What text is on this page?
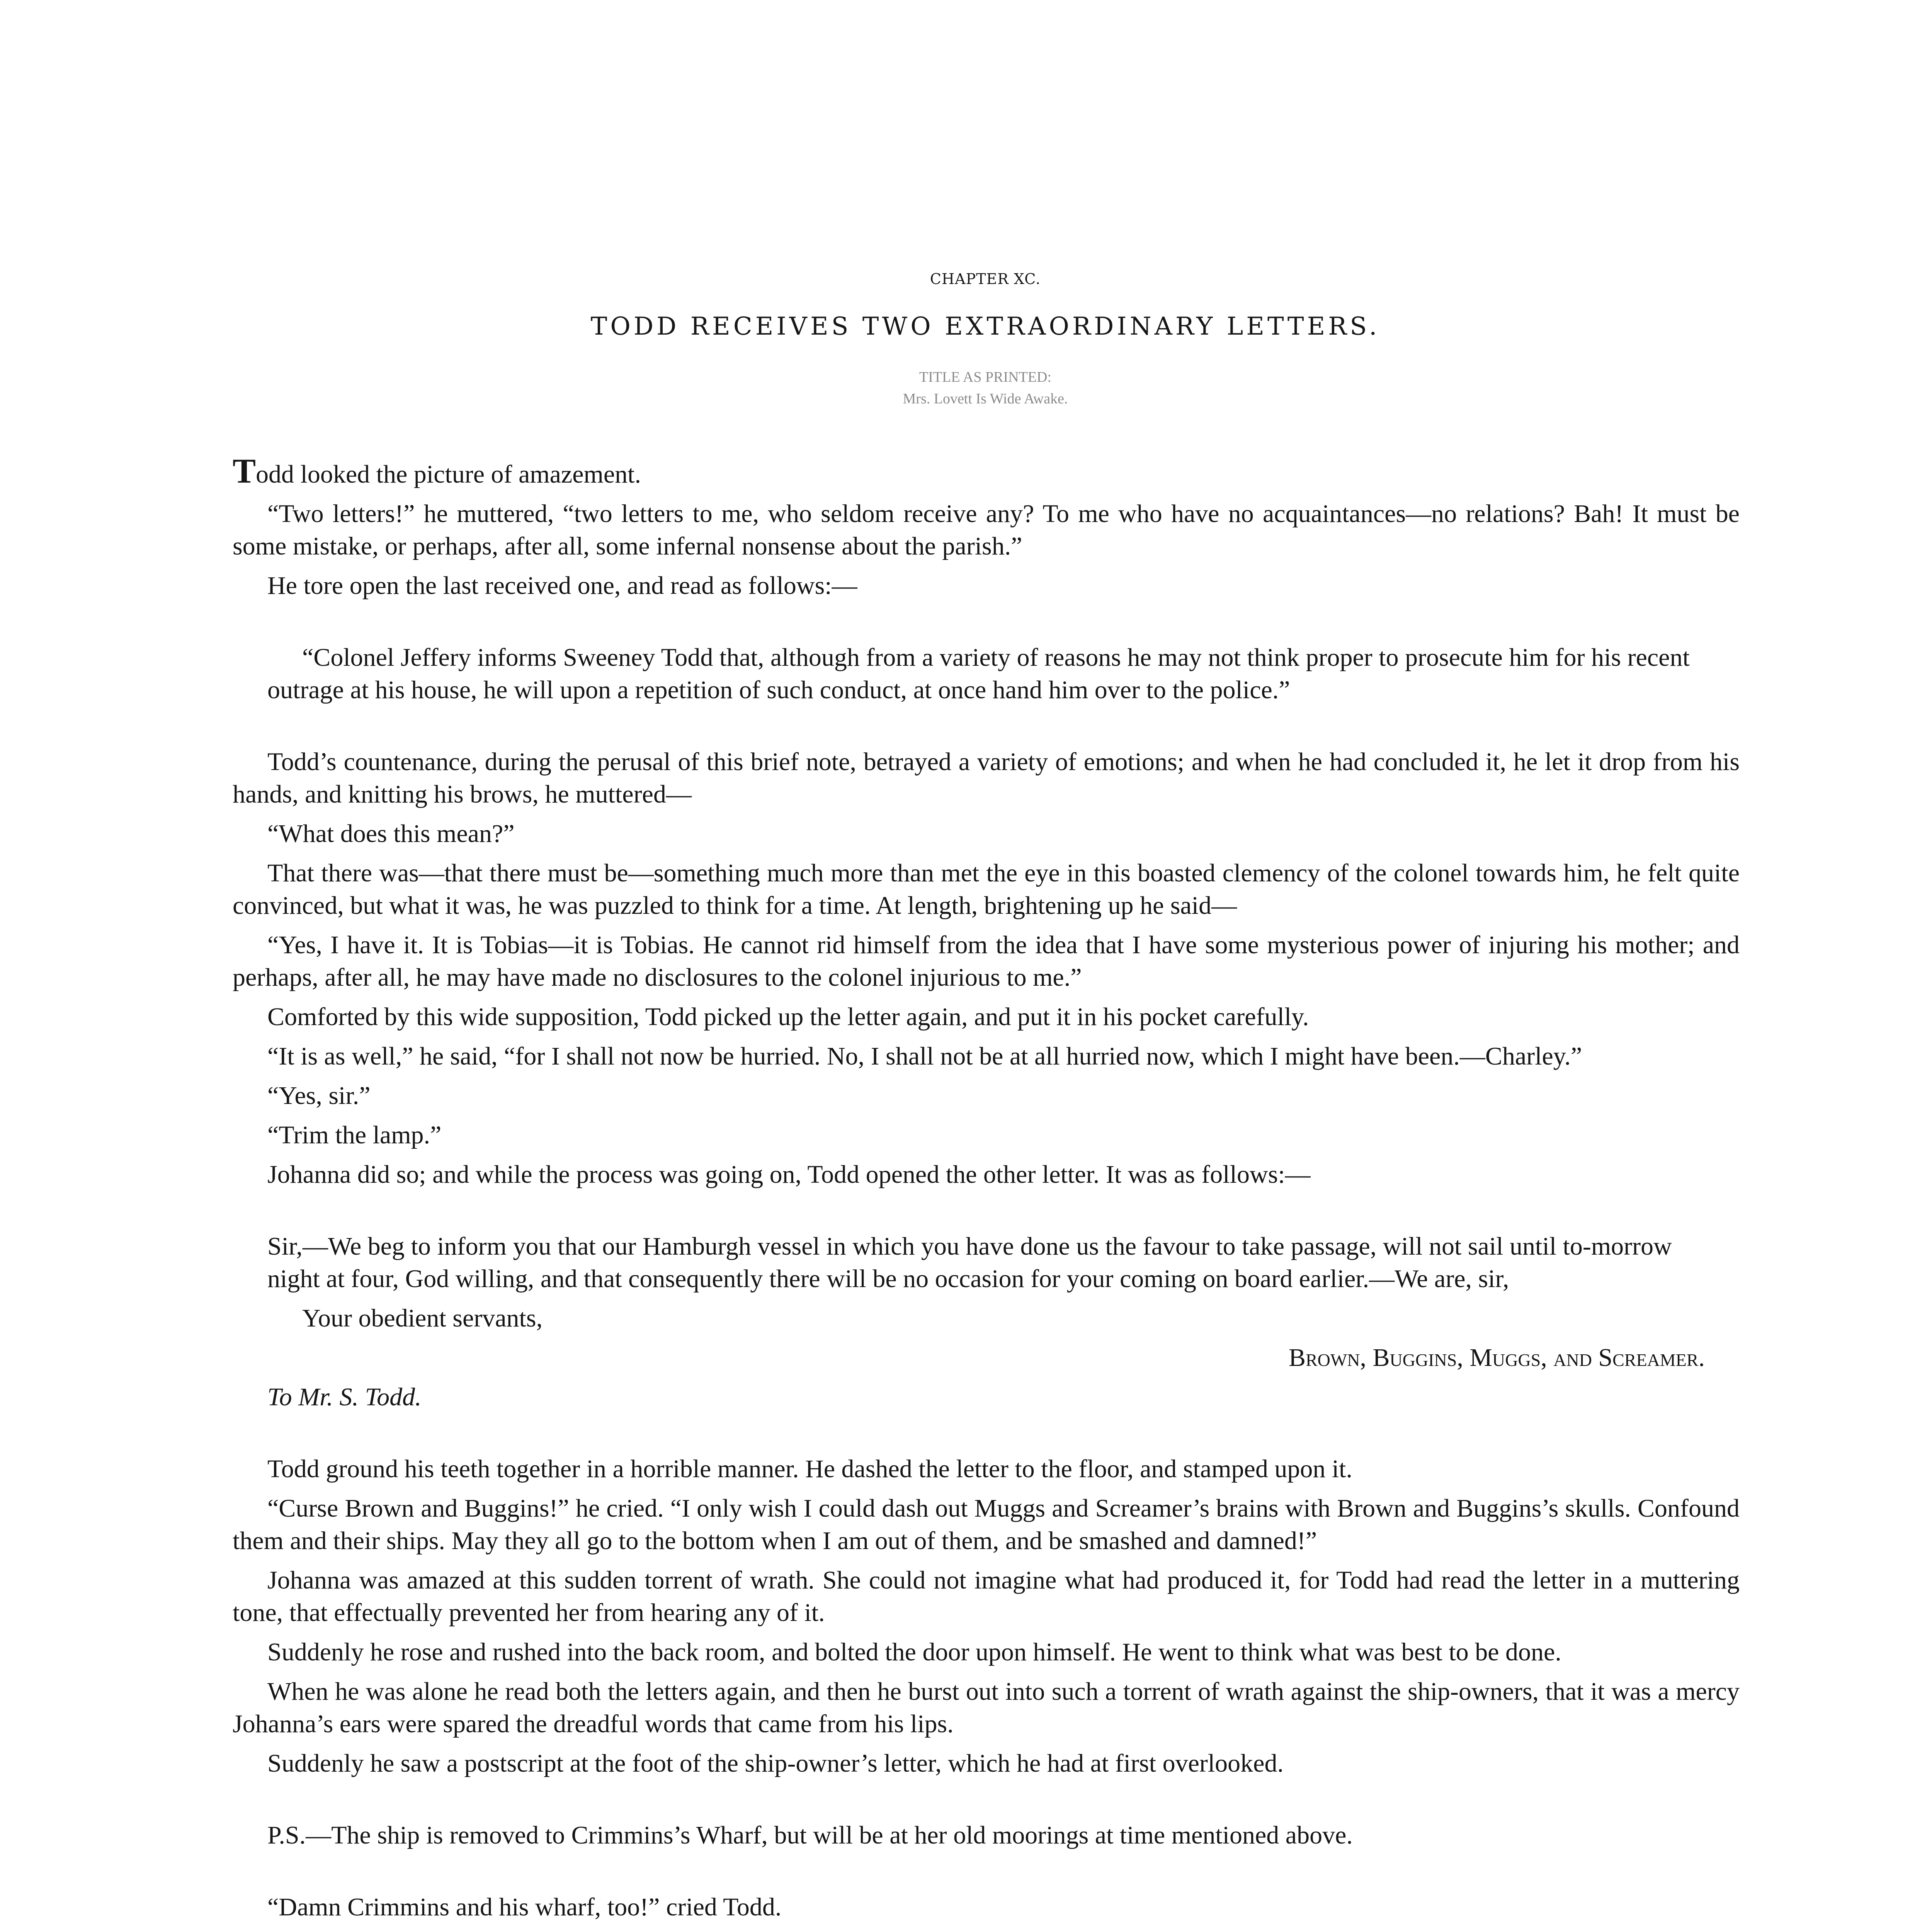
CHAPTER XC.
TODD RECEIVES TWO EXTRAORDINARY LETTERS.
TITLE AS PRINTED:
Mrs. Lovett Is Wide Awake.

Todd looked the picture of amazement.

“Two letters!” he muttered, “two letters to me, who seldom receive any? To me who have no acquaintances—no relations? Bah! It must be some mistake, or perhaps, after all, some infernal nonsense about the parish.”

He tore open the last received one, and read as follows:—

“Colonel Jeffery informs Sweeney Todd that, although from a variety of reasons he may not think proper to prosecute him for his recent outrage at his house, he will upon a repetition of such conduct, at once hand him over to the police.”

Todd’s countenance, during the perusal of this brief note, betrayed a variety of emotions; and when he had concluded it, he let it drop from his hands, and knitting his brows, he muttered—

“What does this mean?”

That there was—that there must be—something much more than met the eye in this boasted clemency of the colonel towards him, he felt quite convinced, but what it was, he was puzzled to think for a time. At length, brightening up he said—

“Yes, I have it. It is Tobias—it is Tobias. He cannot rid himself from the idea that I have some mysterious power of injuring his mother; and perhaps, after all, he may have made no disclosures to the colonel injurious to me.”

Comforted by this wide supposition, Todd picked up the letter again, and put it in his pocket carefully.

“It is as well,” he said, “for I shall not now be hurried. No, I shall not be at all hurried now, which I might have been.—Charley.”

“Yes, sir.”

“Trim the lamp.”

Johanna did so; and while the process was going on, Todd opened the other letter. It was as follows:—

Sir,—We beg to inform you that our Hamburgh vessel in which you have done us the favour to take passage, will not sail until to-morrow night at four, God willing, and that consequently there will be no occasion for your coming on board earlier.—We are, sir,

Your obedient servants,

Brown, Buggins, Muggs, and Screamer.

To Mr. S. Todd.

Todd ground his teeth together in a horrible manner. He dashed the letter to the floor, and stamped upon it.

“Curse Brown and Buggins!” he cried. “I only wish I could dash out Muggs and Screamer’s brains with Brown and Buggins’s skulls. Confound them and their ships. May they all go to the bottom when I am out of them, and be smashed and damned!”

Johanna was amazed at this sudden torrent of wrath. She could not imagine what had produced it, for Todd had read the letter in a muttering tone, that effectually prevented her from hearing any of it.

Suddenly he rose and rushed into the back room, and bolted the door upon himself. He went to think what was best to be done.

When he was alone he read both the letters again, and then he burst out into such a torrent of wrath against the ship-owners, that it was a mercy Johanna’s ears were spared the dreadful words that came from his lips.

Suddenly he saw a postscript at the foot of the ship-owner’s letter, which he had at first overlooked.

P.S.—The ship is removed to Crimmins’s Wharf, but will be at her old moorings at time mentioned above.

“Damn Crimmins and his wharf, too!” cried Todd.
